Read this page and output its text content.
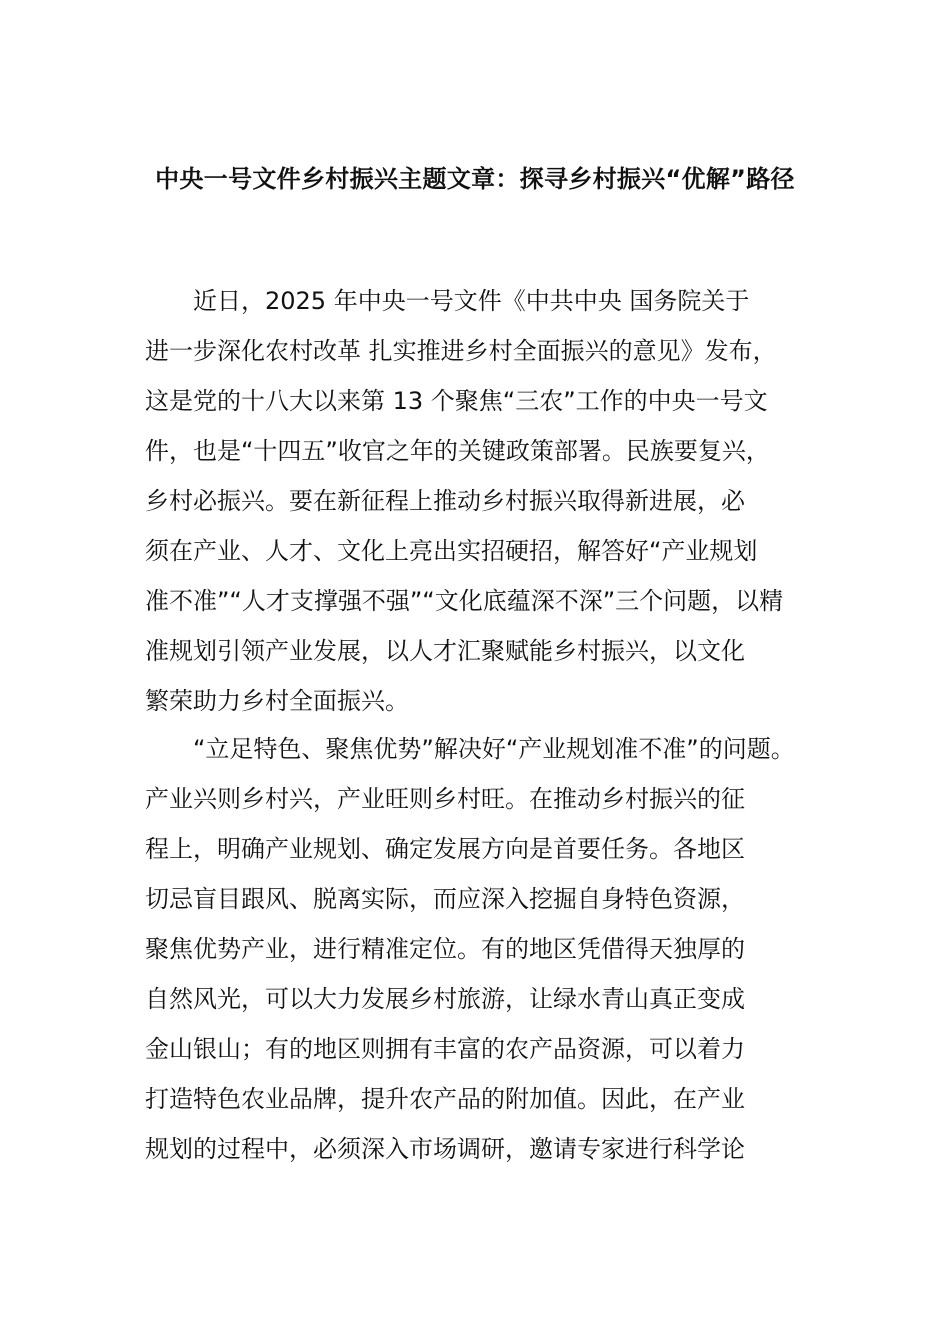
中央一号文件乡村振兴主题文章：探寻乡村振兴“优解”路径
近日，2025 年中央一号文件《中共中央 国务院关于
进一步深化农村改革 扎实推进乡村全面振兴的意见》发布，
这是党的十八大以来第 13 个聚焦“三农”工作的中央一号文
件，也是“十四五”收官之年的关键政策部署。民族要复兴，
乡村必振兴。要在新征程上推动乡村振兴取得新进展，必
须在产业、人才、文化上亮出实招硬招，解答好“产业规划
准不准”“人才支撑强不强”“文化底蕴深不深”三个问题，以精
准规划引领产业发展，以人才汇聚赋能乡村振兴，以文化
繁荣助力乡村全面振兴。
“立足特色、聚焦优势”解决好“产业规划准不准”的问题。
产业兴则乡村兴，产业旺则乡村旺。在推动乡村振兴的征
程上，明确产业规划、确定发展方向是首要任务。各地区
切忌盲目跟风、脱离实际，而应深入挖掘自身特色资源，
聚焦优势产业，进行精准定位。有的地区凭借得天独厚的
自然风光，可以大力发展乡村旅游，让绿水青山真正变成
金山银山；有的地区则拥有丰富的农产品资源，可以着力
打造特色农业品牌，提升农产品的附加值。因此，在产业
规划的过程中，必须深入市场调研，邀请专家进行科学论
